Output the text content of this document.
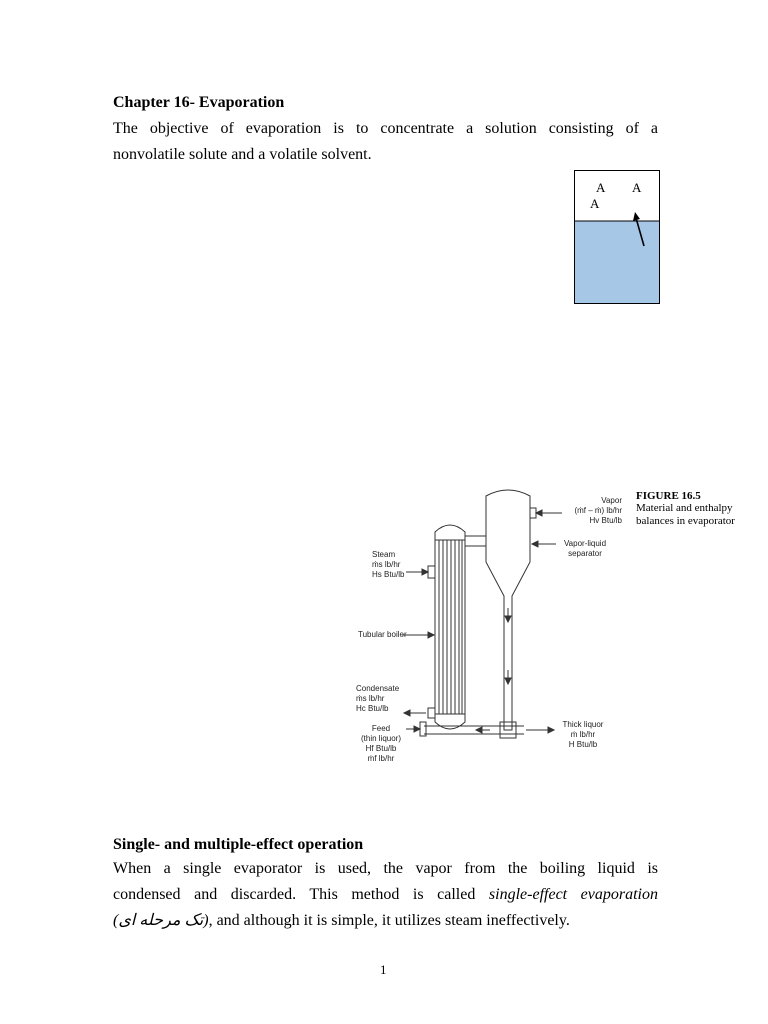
Chapter 16- Evaporation
The objective of evaporation is to concentrate a solution consisting of a
nonvolatile solute and a volatile solvent.
A A
A
Vapor
(ṁf – ṁ) lb/hr
Hv Btu/lb
Vapor-liquid
separator
Steam
ṁs lb/hr
Hs Btu/lb
Tubular boiler
Condensate
ṁs lb/hr
Hc Btu/lb
Feed
(thin liquor)
Hf Btu/lb
ṁf lb/hr
Thick liquor
ṁ lb/hr
H Btu/lb
FIGURE 16.5
Material and enthalpy
balances in evaporator
Single- and multiple-effect operation
When a single evaporator is used, the vapor from the boiling liquid is
condensed and discarded. This method is called single-effect evaporation
(تک مرحله ای), and although it is simple, it utilizes steam ineffectively.
1
